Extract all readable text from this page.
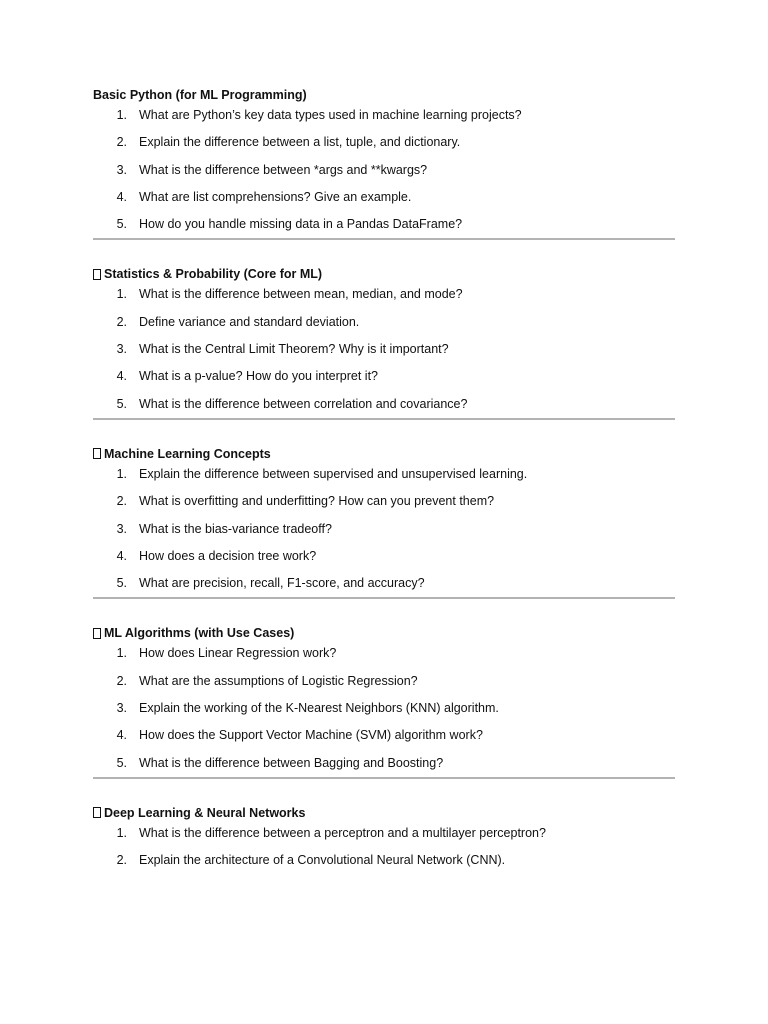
Basic Python (for ML Programming)
1. What are Python’s key data types used in machine learning projects?
2. Explain the difference between a list, tuple, and dictionary.
3. What is the difference between *args and **kwargs?
4. What are list comprehensions? Give an example.
5. How do you handle missing data in a Pandas DataFrame?
Statistics & Probability (Core for ML)
1. What is the difference between mean, median, and mode?
2. Define variance and standard deviation.
3. What is the Central Limit Theorem? Why is it important?
4. What is a p-value? How do you interpret it?
5. What is the difference between correlation and covariance?
Machine Learning Concepts
1. Explain the difference between supervised and unsupervised learning.
2. What is overfitting and underfitting? How can you prevent them?
3. What is the bias-variance tradeoff?
4. How does a decision tree work?
5. What are precision, recall, F1-score, and accuracy?
ML Algorithms (with Use Cases)
1. How does Linear Regression work?
2. What are the assumptions of Logistic Regression?
3. Explain the working of the K-Nearest Neighbors (KNN) algorithm.
4. How does the Support Vector Machine (SVM) algorithm work?
5. What is the difference between Bagging and Boosting?
Deep Learning & Neural Networks
1. What is the difference between a perceptron and a multilayer perceptron?
2. Explain the architecture of a Convolutional Neural Network (CNN).
